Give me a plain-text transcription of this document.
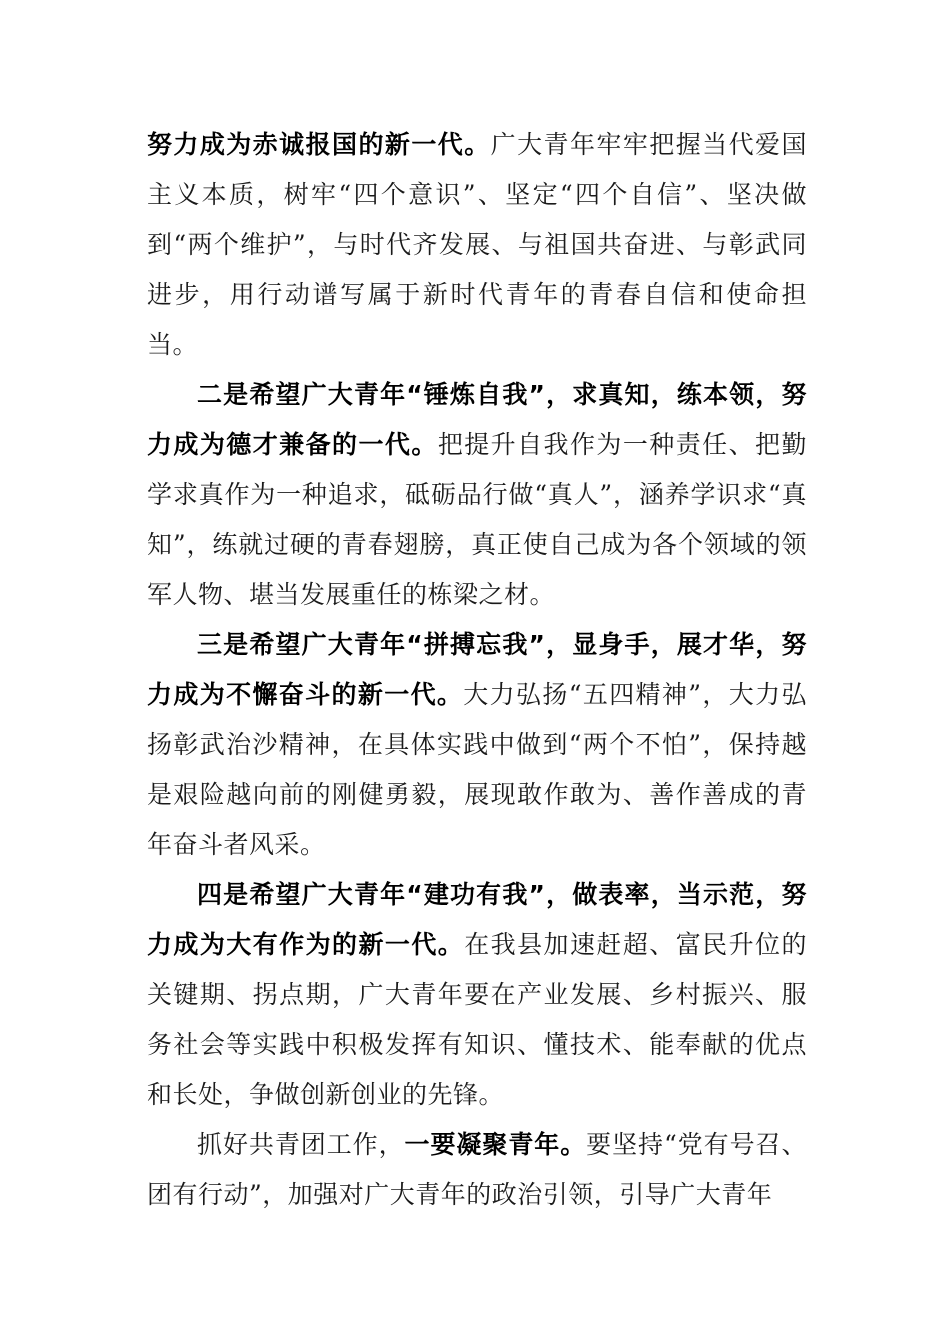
努力成为赤诚报国的新一代。广大青年牢牢把握当代爱国主义本质，树牢“四个意识”、坚定“四个自信”、坚决做到“两个维护”，与时代齐发展、与祖国共奋进、与彰武同进步，用行动谱写属于新时代青年的青春自信和使命担当。

二是希望广大青年“锤炼自我”，求真知，练本领，努力成为德才兼备的一代。把提升自我作为一种责任、把勤学求真作为一种追求，砥砺品行做“真人”，涵养学识求“真知”，练就过硬的青春翅膀，真正使自己成为各个领域的领军人物、堪当发展重任的栋梁之材。

三是希望广大青年“拼搏忘我”，显身手，展才华，努力成为不懈奋斗的新一代。大力弘扬“五四精神”，大力弘扬彰武治沙精神，在具体实践中做到“两个不怕”，保持越是艰险越向前的刚健勇毅，展现敢作敢为、善作善成的青年奋斗者风采。

四是希望广大青年“建功有我”，做表率，当示范，努力成为大有作为的新一代。在我县加速赶超、富民升位的关键期、拐点期，广大青年要在产业发展、乡村振兴、服务社会等实践中积极发挥有知识、懂技术、能奉献的优点和长处，争做创新创业的先锋。

抓好共青团工作，一要凝聚青年。要坚持“党有号召、团有行动”，加强对广大青年的政治引领，引导广大青年
